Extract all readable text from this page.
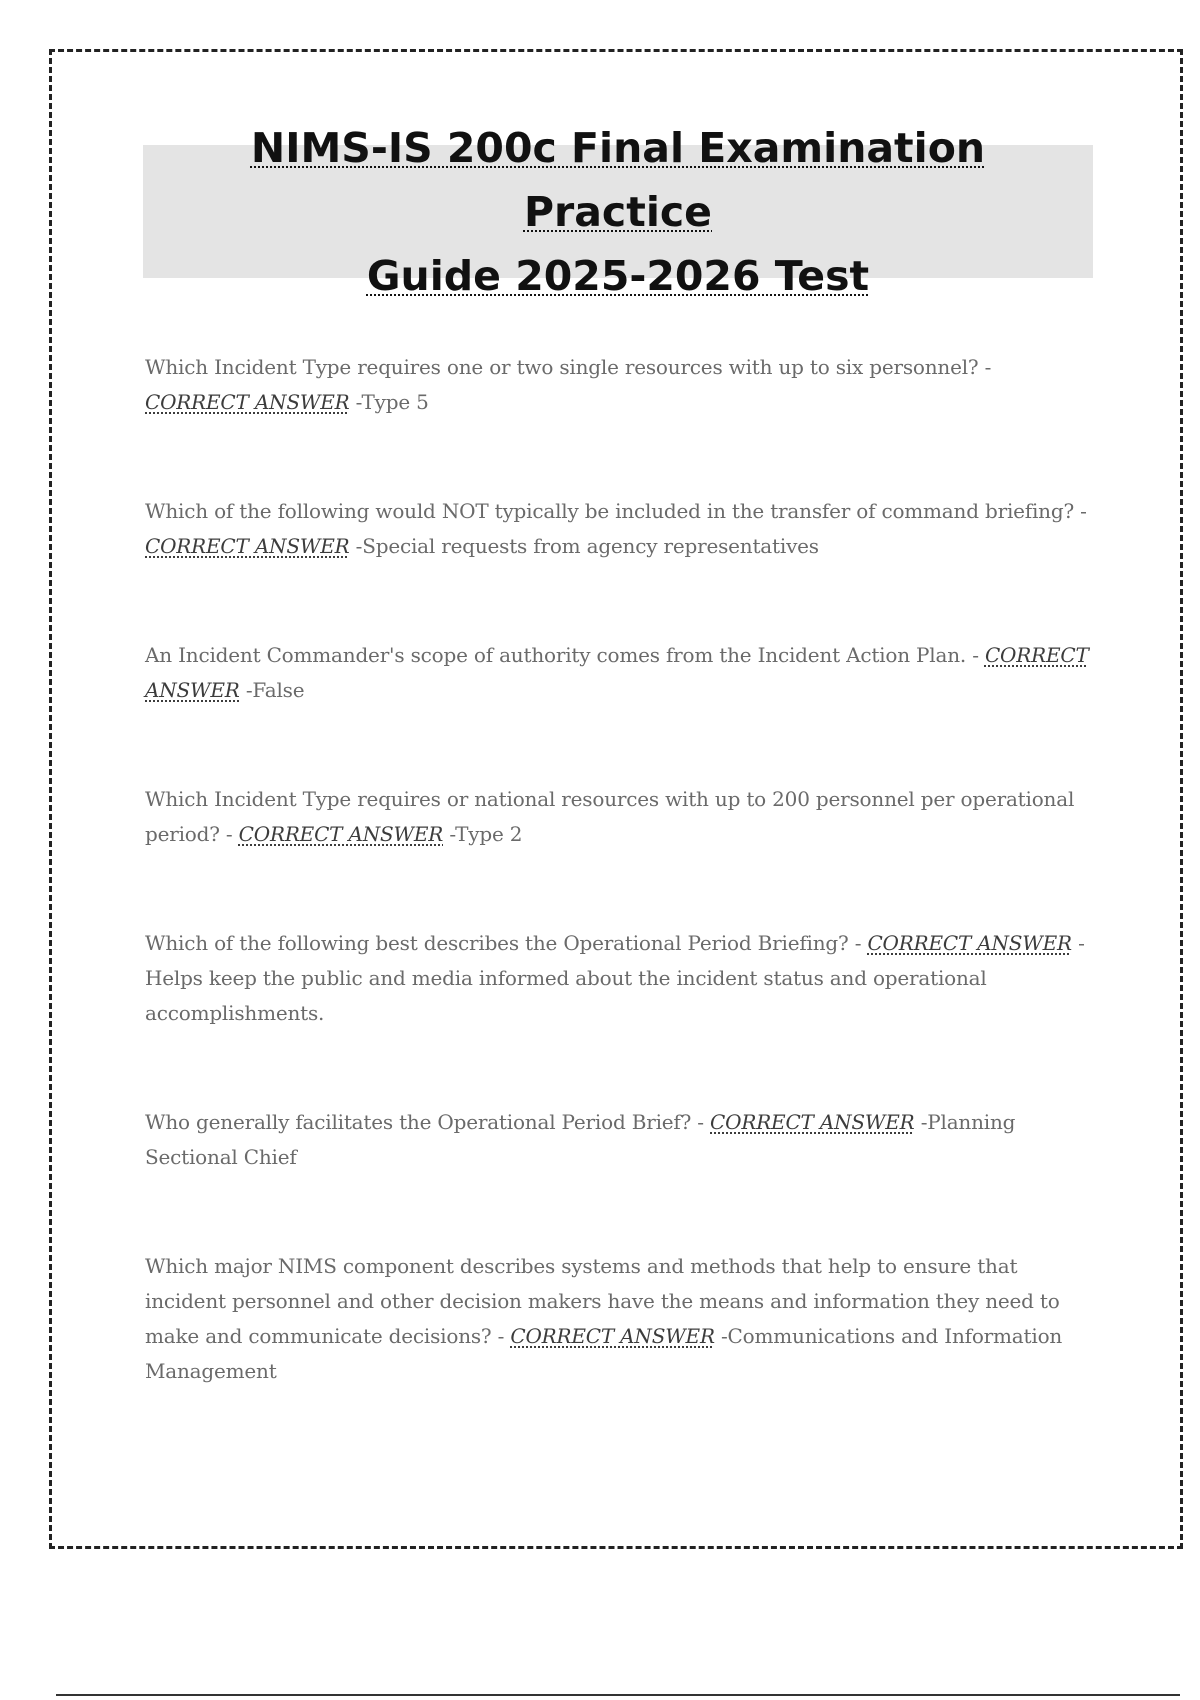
NIMS-IS 200c Final Examination Practice
Guide 2025-2026 Test

Which Incident Type requires one or two single resources with up to six personnel? - CORRECT ANSWER -Type 5

Which of the following would NOT typically be included in the transfer of command briefing? - CORRECT ANSWER -Special requests from agency representatives

An Incident Commander's scope of authority comes from the Incident Action Plan. - CORRECT ANSWER -False

Which Incident Type requires or national resources with up to 200 personnel per operational period? - CORRECT ANSWER -Type 2

Which of the following best describes the Operational Period Briefing? - CORRECT ANSWER -Helps keep the public and media informed about the incident status and operational accomplishments.

Who generally facilitates the Operational Period Brief? - CORRECT ANSWER -Planning Sectional Chief

Which major NIMS component describes systems and methods that help to ensure that incident personnel and other decision makers have the means and information they need to make and communicate decisions? - CORRECT ANSWER -Communications and Information Management
